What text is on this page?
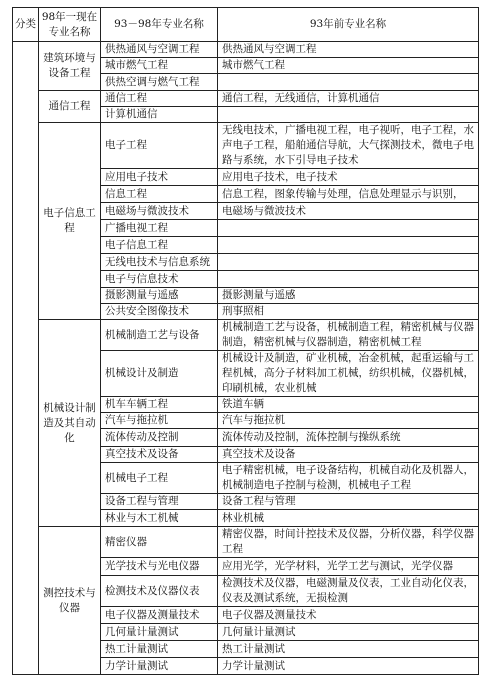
分类	98年一现在专业名称	93－98年专业名称	93年前专业名称
	建筑环境与设备工程	供热通风与空调工程	供热通风与空调工程
		城市燃气工程	城市燃气工程
		供热空调与燃气工程	
	通信工程	通信工程	通信工程，无线通信，计算机通信
		计算机通信	
	电子信息工程	电子工程	无线电技术，广播电视工程，电子视听，电子工程，水声电子工程，船舶通信导航，大气探测技术，微电子电路与系统，水下引导电子技术
		应用电子技术	应用电子技术，电子技术
		信息工程	信息工程，图象传输与处理，信息处理显示与识别，
		电磁场与微波技术	电磁场与微波技术
		广播电视工程	
		电子信息工程	
		无线电技术与信息系统	
		电子与信息技术	
		摄影测量与遥感	摄影测量与遥感
		公共安全图像技术	刑事照相
	机械设计制造及其自动化	机械制造工艺与设备	机械制造工艺与设备，机械制造工程，精密机械与仪器制造，精密机械与仪器制造，精密机械工程
		机械设计及制造	机械设计及制造，矿业机械，冶金机械，起重运输与工程机械，高分子材料加工机械，纺织机械，仪器机械，印刷机械，农业机械
		机车车辆工程	铁道车辆
		汽车与拖拉机	汽车与拖拉机
		流体传动及控制	流体传动及控制，流体控制与操纵系统
		真空技术及设备	真空技术及设备
		机械电子工程	电子精密机械，电子设备结构，机械自动化及机器人，机械制造电子控制与检测，机械电子工程
		设备工程与管理	设备工程与管理
		林业与木工机械	林业机械
	测控技术与仪器	精密仪器	精密仪器，时间计控技术及仪器，分析仪器，科学仪器工程
		光学技术与光电仪器	应用光学，光学材料，光学工艺与测试，光学仪器
		检测技术及仪器仪表	检测技术及仪器，电磁测量及仪表，工业自动化仪表，仪表及测试系统，无损检测
		电子仪器及测量技术	电子仪器及测量技术
		几何量计量测试	几何量计量测试
		热工计量测试	热工计量测试
		力学计量测试	力学计量测试
